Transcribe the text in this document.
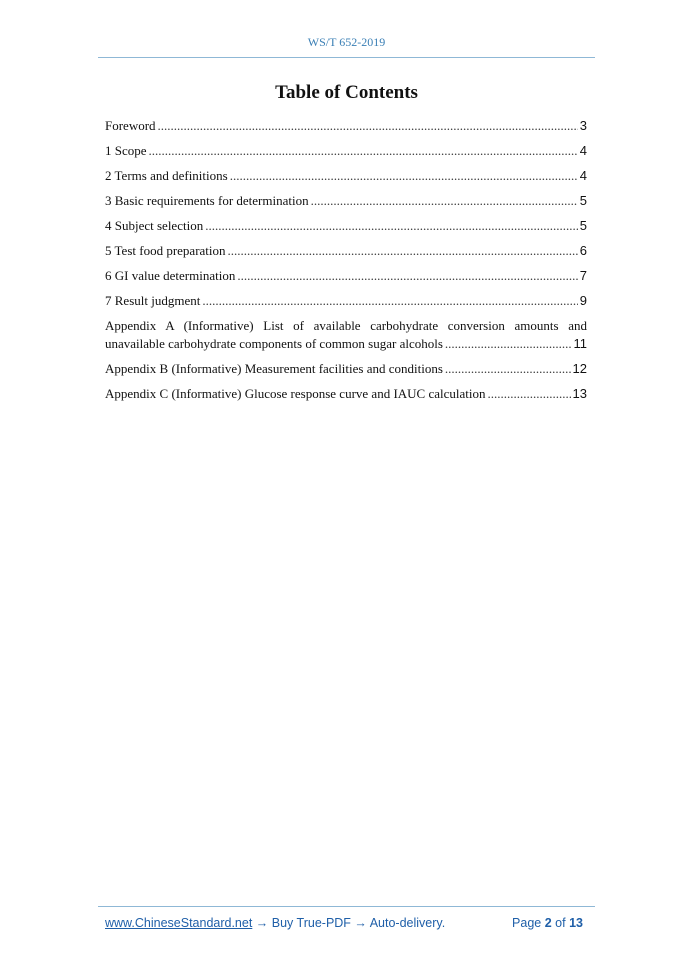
WS/T 652-2019
Table of Contents
Foreword .....	3
1 Scope .....	4
2 Terms and definitions .....	4
3 Basic requirements for determination .....	5
4 Subject selection .....	5
5 Test food preparation .....	6
6 GI value determination .....	7
7 Result judgment .....	9
Appendix A (Informative) List of available carbohydrate conversion amounts and
unavailable carbohydrate components of common sugar alcohols .....	11
Appendix B (Informative) Measurement facilities and conditions .....	12
Appendix C (Informative) Glucose response curve and IAUC calculation .....	13
www.ChineseStandard.net → Buy True-PDF → Auto-delivery.	Page 2 of 13
